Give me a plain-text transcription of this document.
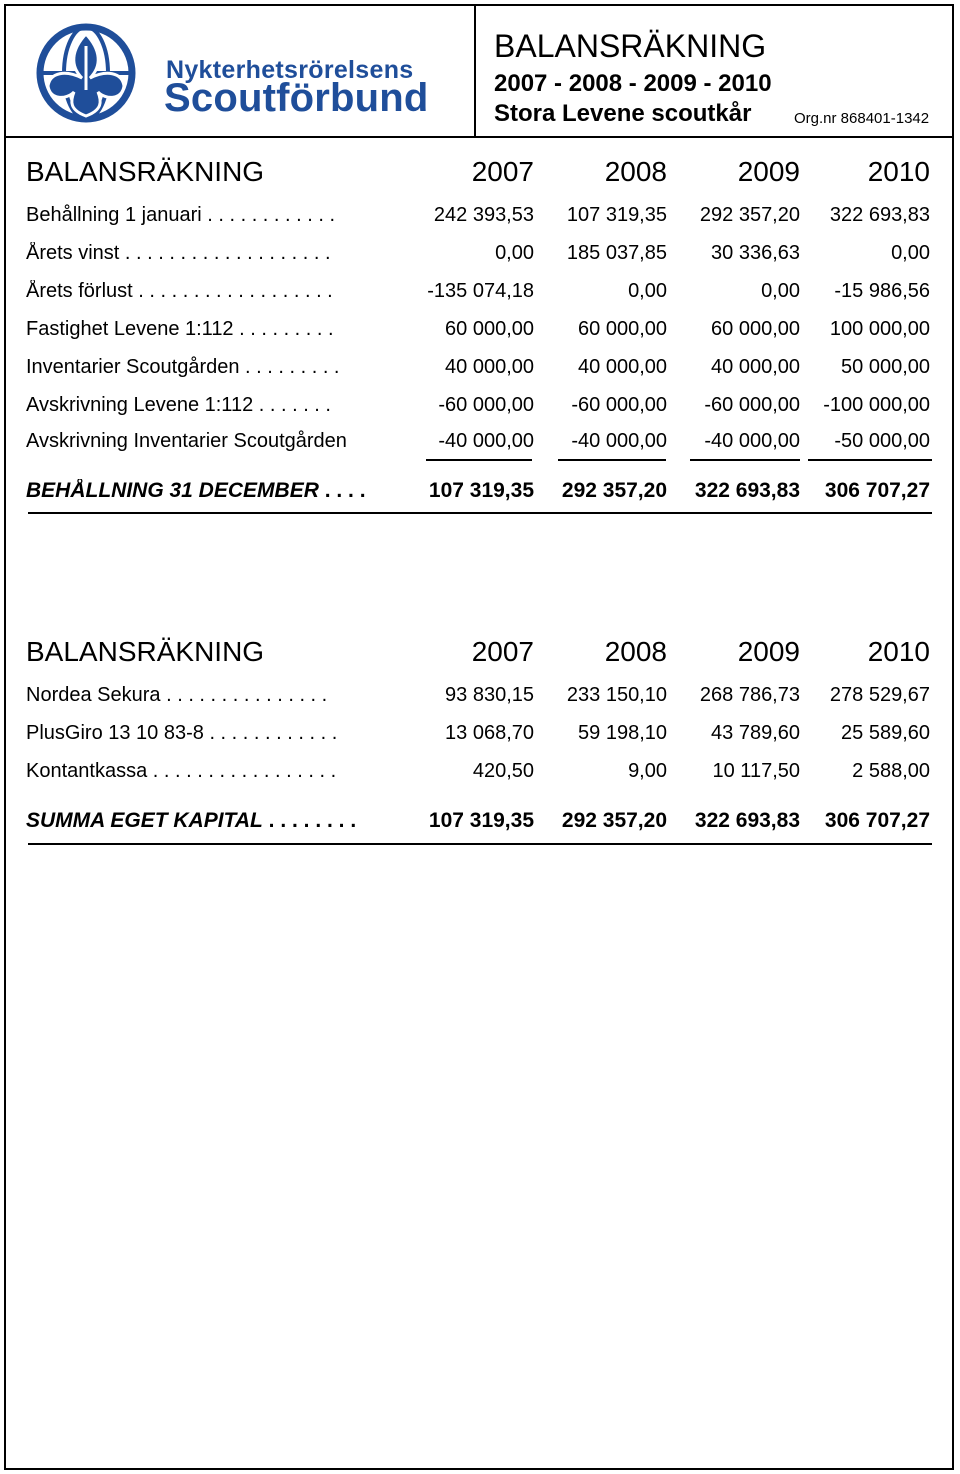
Nykterhetsrörelsens
Scoutförbund
BALANSRÄKNING
2007 - 2008 - 2009 - 2010
Stora Levene scoutkår	Org.nr 868401-1342
BALANSRÄKNING	2007	2008	2009	2010
Behållning 1 januari . . . . . . . . . . . .	242 393,53	107 319,35	292 357,20	322 693,83
Årets vinst . . . . . . . . . . . . . . . . . . .	0,00	185 037,85	30 336,63	0,00
Årets förlust . . . . . . . . . . . . . . . . . .	-135 074,18	0,00	0,00	-15 986,56
Fastighet Levene 1:112 . . . . . . . . .	60 000,00	60 000,00	60 000,00	100 000,00
Inventarier Scoutgården . . . . . . . . .	40 000,00	40 000,00	40 000,00	50 000,00
Avskrivning Levene 1:112 . . . . . . .	-60 000,00	-60 000,00	-60 000,00	-100 000,00
Avskrivning Inventarier Scoutgården	-40 000,00	-40 000,00	-40 000,00	-50 000,00
BEHÅLLNING 31 DECEMBER . . . .	107 319,35	292 357,20	322 693,83	306 707,27
BALANSRÄKNING	2007	2008	2009	2010
Nordea Sekura . . . . . . . . . . . . . . .	93 830,15	233 150,10	268 786,73	278 529,67
PlusGiro 13 10 83-8 . . . . . . . . . . . .	13 068,70	59 198,10	43 789,60	25 589,60
Kontantkassa . . . . . . . . . . . . . . . . .	420,50	9,00	10 117,50	2 588,00
SUMMA EGET KAPITAL . . . . . . . .	107 319,35	292 357,20	322 693,83	306 707,27
